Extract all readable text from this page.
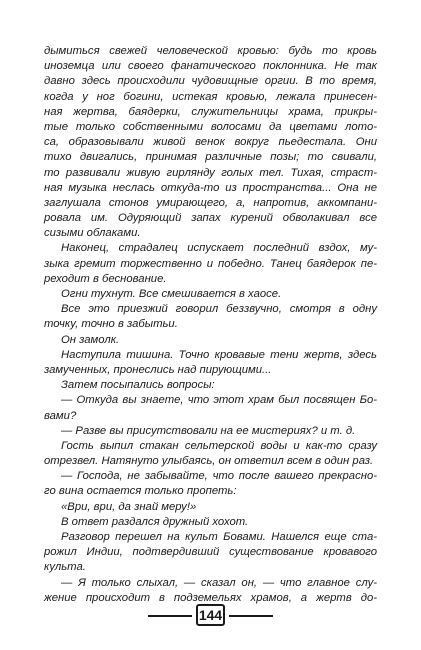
дымиться свежей человеческой кровью: будь то кровь
иноземца или своего фанатического поклонника. Не так
давно здесь происходили чудовищные оргии. В то время,
когда у ног богини, истекая кровью, лежала принесен-
ная жертва, баядерки, служительницы храма, прикры-
тые только собственными волосами да цветами лото-
са, образовывали живой венок вокруг пьедестала. Они
тихо двигались, принимая различные позы; то свивали,
то развивали живую гирлянду голых тел. Тихая, страст-
ная музыка неслась откуда-то из пространства... Она не
заглушала стонов умирающего, а, напротив, аккомпани-
ровала им. Одуряющий запах курений обволакивал все
сизыми облаками.
Наконец, страдалец испускает последний вздох, му-
зыка гремит торжественно и победно. Танец баядерок пе-
реходит в беснование.
Огни тухнут. Все смешивается в хаосе.
Все это приезжий говорил беззвучно, смотря в одну
точку, точно в забытьи.
Он замолк.
Наступила тишина. Точно кровавые тени жертв, здесь
замученных, пронеслись над пирующими...
Затем посыпались вопросы:
— Откуда вы знаете, что этот храм был посвящен Бо-
вами?
— Разве вы присутствовали на ее мистериях? и т. д.
Гость выпил стакан сельтерской воды и как-то сразу
отрезвел. Натянуто улыбаясь, он ответил всем в один раз.
— Господа, не забывайте, что после вашего прекрасно-
го вина остается только пропеть:
«Ври, ври, да знай меру!»
В ответ раздался дружный хохот.
Разговор перешел на культ Бовами. Нашелся еще ста-
рожил Индии, подтвердивший существование кровавого
культа.
— Я только слыхал, — сказал он, — что главное слу-
жение происходит в подземельях храмов, а жертв до-
144
